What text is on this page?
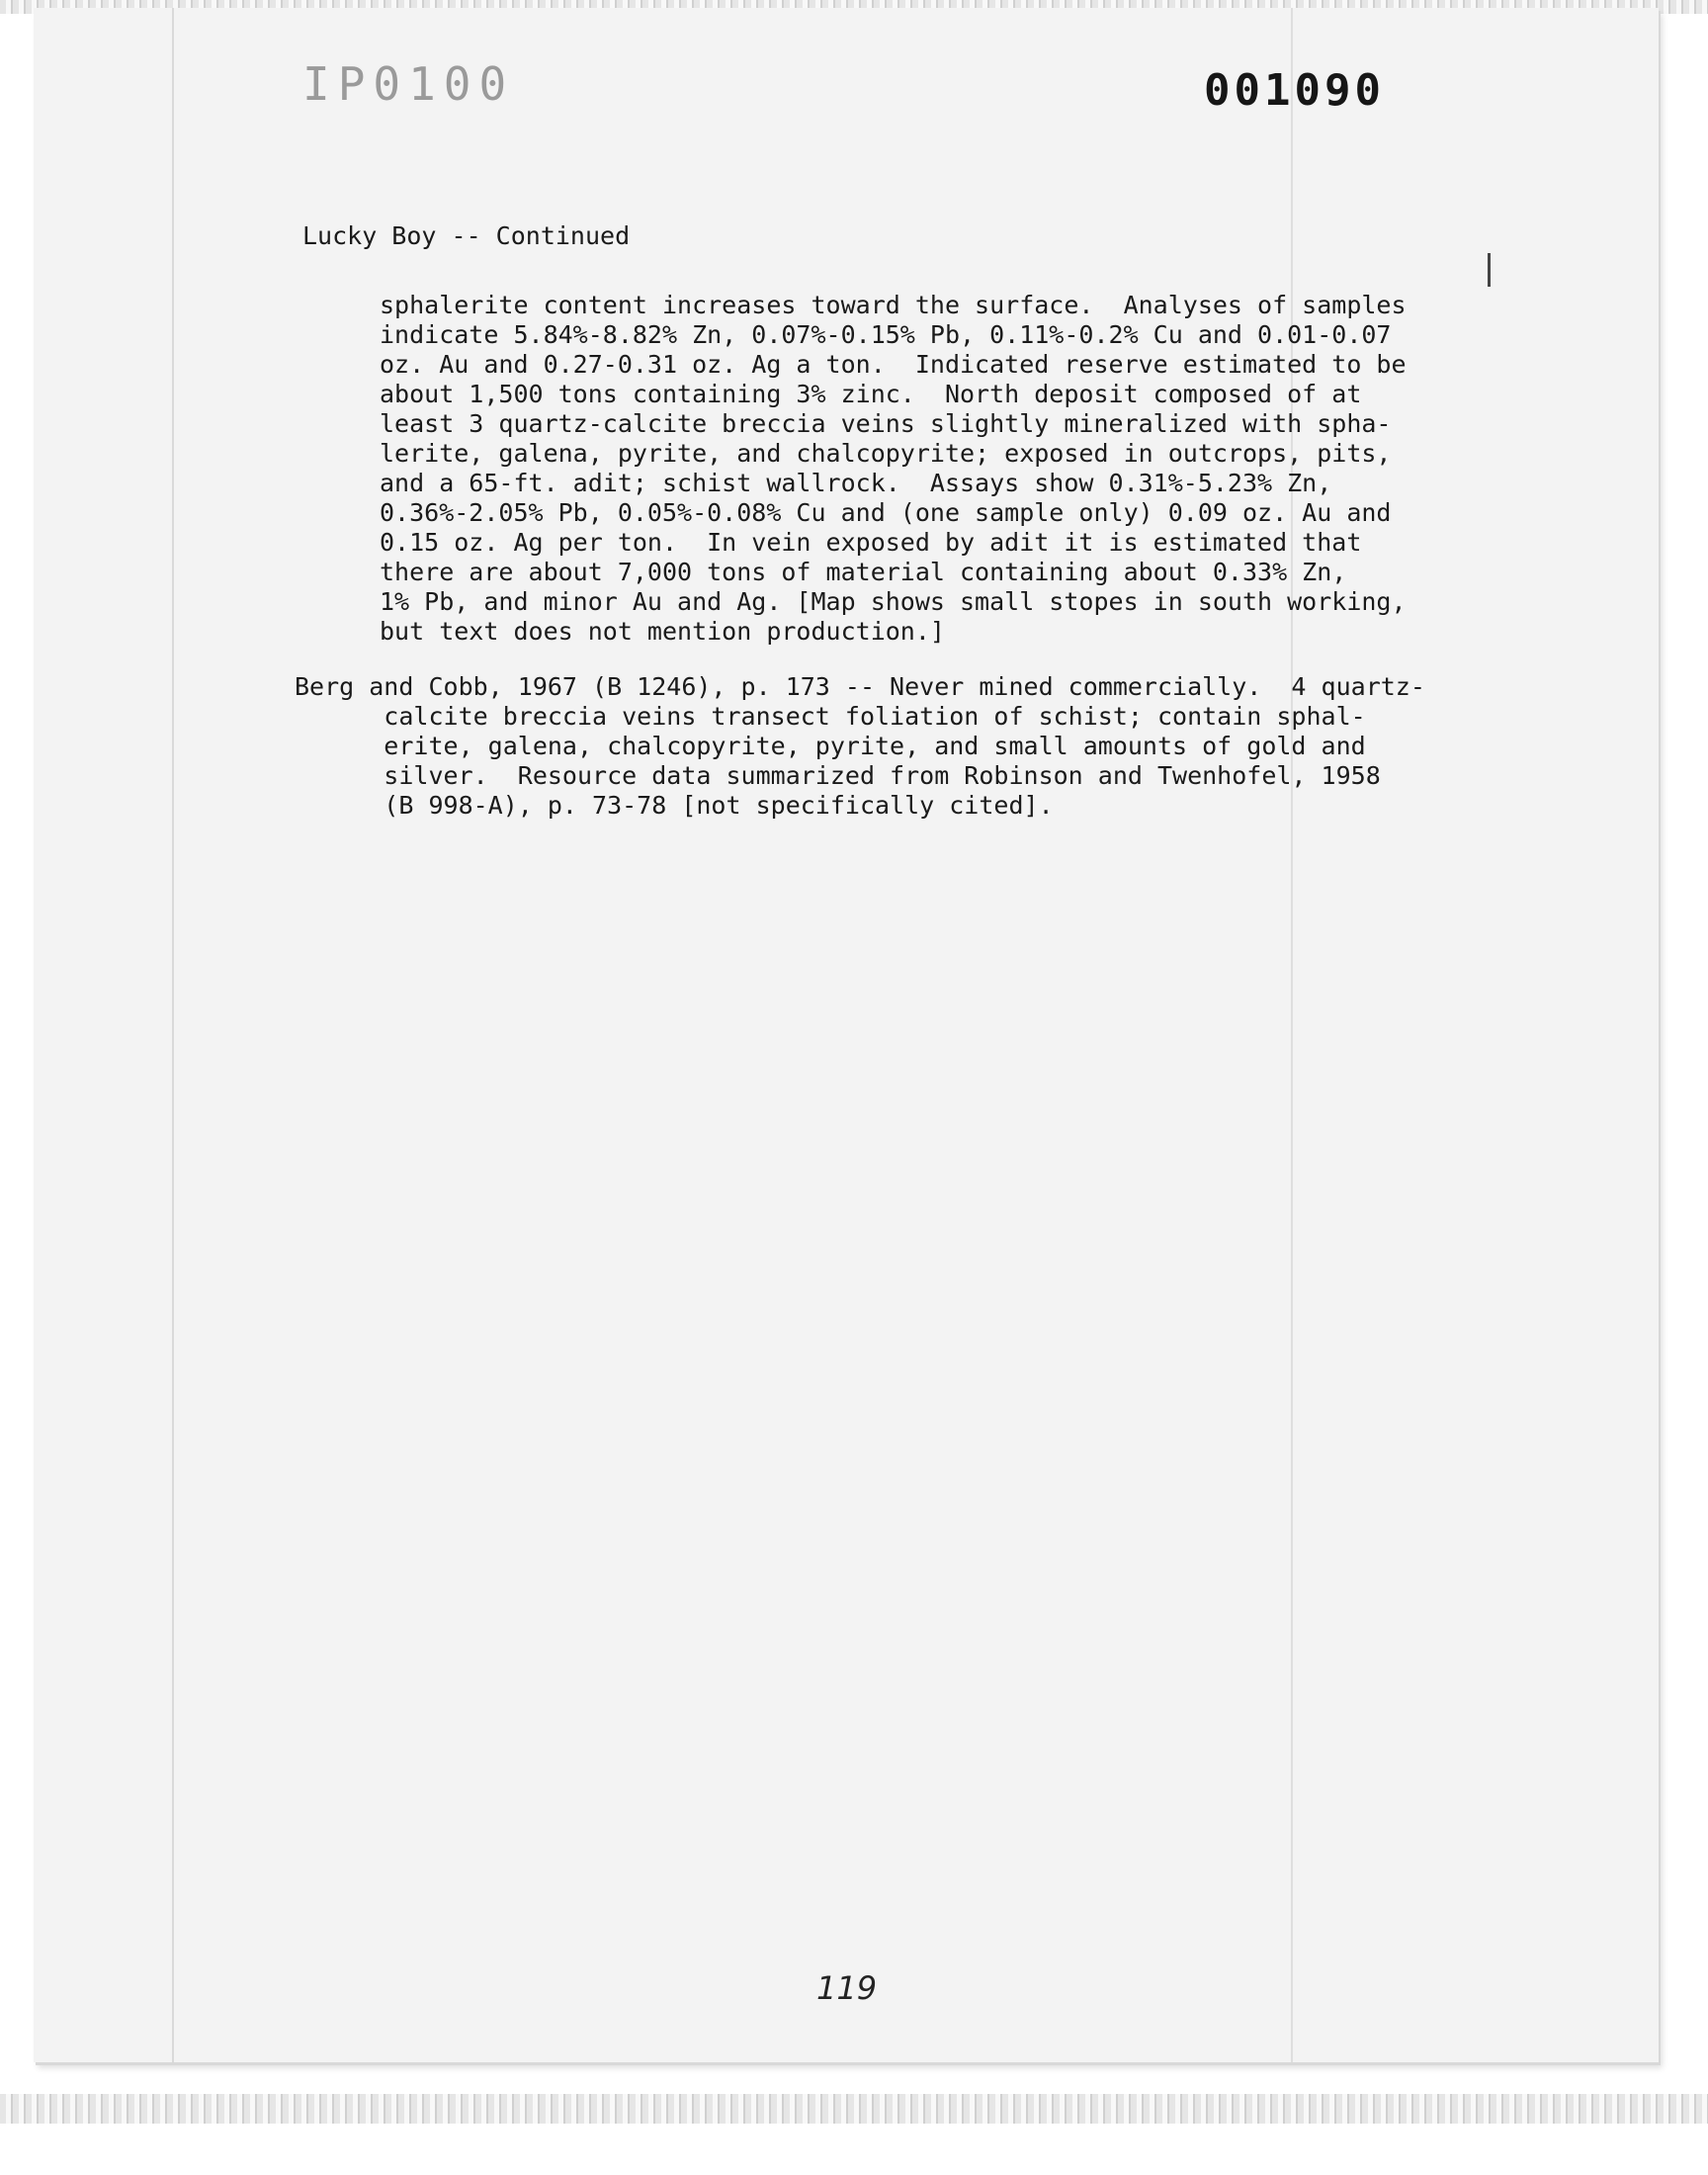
IP0100	001090
Lucky Boy -- Continued
sphalerite content increases toward the surface.  Analyses of samples
indicate 5.84%-8.82% Zn, 0.07%-0.15% Pb, 0.11%-0.2% Cu and 0.01-0.07
oz. Au and 0.27-0.31 oz. Ag a ton.  Indicated reserve estimated to be
about 1,500 tons containing 3% zinc.  North deposit composed of at
least 3 quartz-calcite breccia veins slightly mineralized with spha-
lerite, galena, pyrite, and chalcopyrite; exposed in outcrops, pits,
and a 65-ft. adit; schist wallrock.  Assays show 0.31%-5.23% Zn,
0.36%-2.05% Pb, 0.05%-0.08% Cu and (one sample only) 0.09 oz. Au and
0.15 oz. Ag per ton.  In vein exposed by adit it is estimated that
there are about 7,000 tons of material containing about 0.33% Zn,
1% Pb, and minor Au and Ag. [Map shows small stopes in south working,
but text does not mention production.]
Berg and Cobb, 1967 (B 1246), p. 173 -- Never mined commercially.  4 quartz-
calcite breccia veins transect foliation of schist; contain sphal-
erite, galena, chalcopyrite, pyrite, and small amounts of gold and
silver.  Resource data summarized from Robinson and Twenhofel, 1958
(B 998-A), p. 73-78 [not specifically cited].
119
